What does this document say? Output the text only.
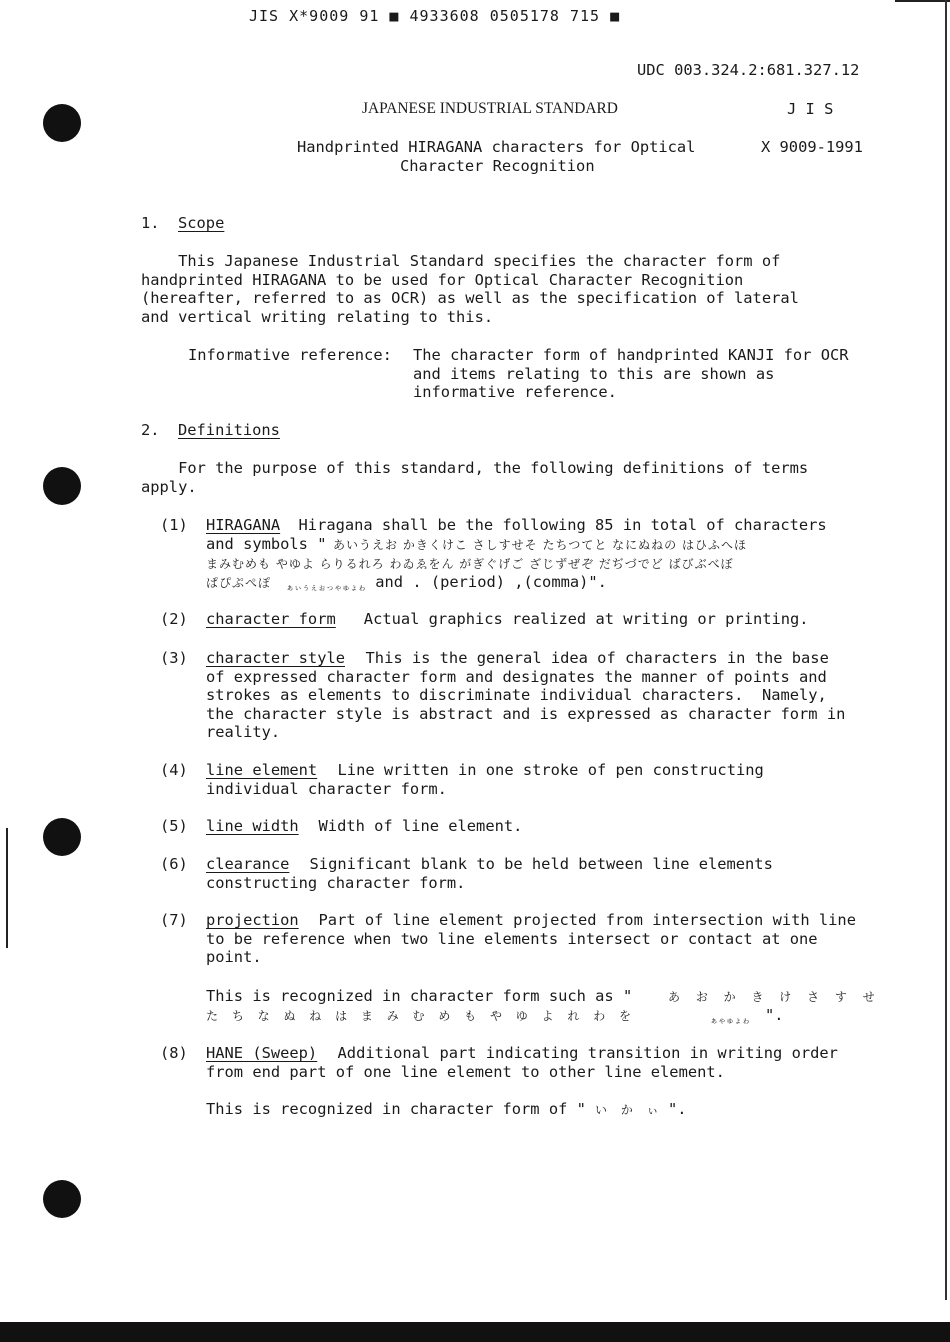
JIS X*9009 91 ■ 4933608 0505178 715 ■
UDC 003.324.2:681.327.12
JAPANESE INDUSTRIAL STANDARD	J I S
Handprinted HIRAGANA characters for Optical
Character Recognition
X 9009-1991
1. Scope
This Japanese Industrial Standard specifies the character form of
handprinted HIRAGANA to be used for Optical Character Recognition
(hereafter, referred to as OCR) as well as the specification of lateral
and vertical writing relating to this.
Informative reference: The character form of handprinted KANJI for OCR
and items relating to this are shown as
informative reference.
2. Definitions
For the purpose of this standard, the following definitions of terms
apply.
(1) HIRAGANA Hiragana shall be the following 85 in total of characters
and symbols " あいうえお かきくけこ さしすせそ たちつてと なにぬねの はひふへほ
まみむめも やゆよ らりるれろ わゐゑをん がぎぐげご ざじずぜぞ だぢづでど ばびぶべぼ
ぱぴぷぺぽ ぁぃぅぇぉっゃゅょゎ and . (period) ,(comma)".
(2) character form Actual graphics realized at writing or printing.
(3) character style	This is the general idea of characters in the base
of expressed character form and designates the manner of points and
strokes as elements to discriminate individual characters.  Namely,
the character style is abstract and is expressed as character form in
reality.
(4) line element	Line written in one stroke of pen constructing
individual character form.
(5) line width Width of line element.
(6) clearance	Significant blank to be held between line elements
constructing character form.
(7) projection	Part of line element projected from intersection with line
to be reference when two line elements intersect or contact at one
point.
This is recognized in character form such as "	あ お か き け さ す せ
た ち な ぬ ね は ま み む め も や ゆ よ れ わ を	ぁゃゅょゎ ".
(8) HANE (Sweep)	Additional part indicating transition in writing order
from end part of one line element to other line element.
This is recognized in character form of " い か ぃ ".
